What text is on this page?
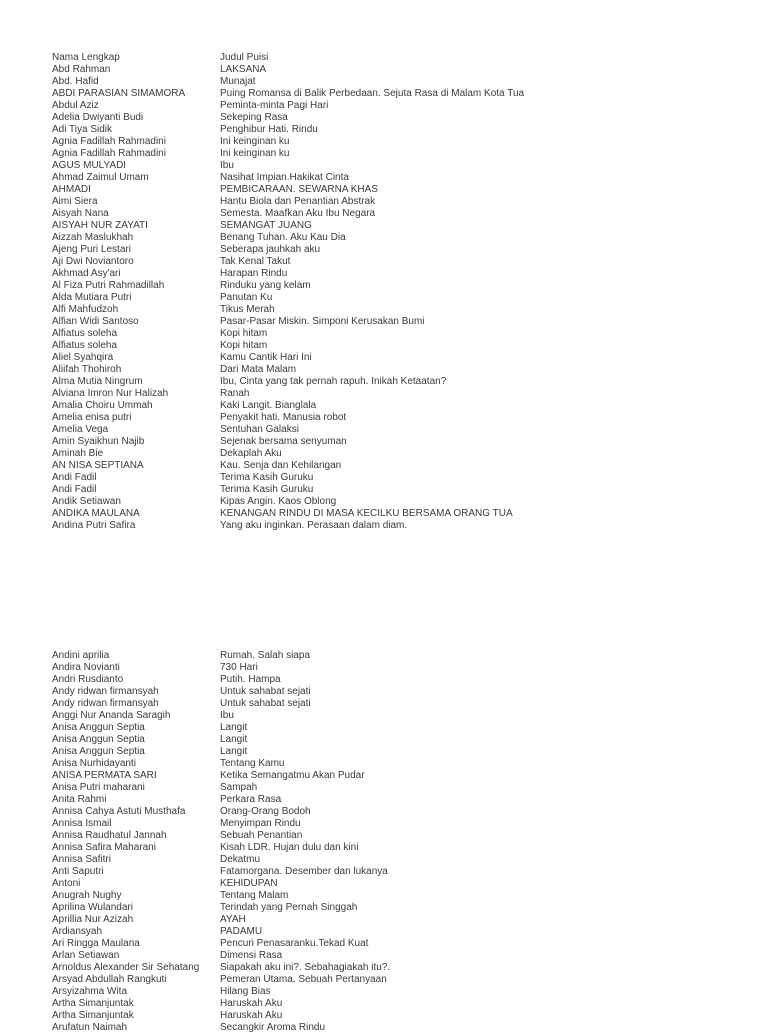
Nama Lengkap	Judul Puisi
Abd Rahman	LAKSANA
Abd. Hafid	Munajat
ABDI PARASIAN SIMAMORA	Puing Romansa di Balik Perbedaan. Sejuta Rasa di Malam Kota Tua
Abdul Aziz	Peminta-minta Pagi Hari
Adelia Dwiyanti Budi	Sekeping Rasa
Adi Tiya Sidik	Penghibur Hati. Rindu
Agnia Fadillah Rahmadini	Ini keinginan ku
Agnia Fadillah Rahmadini	Ini keinginan ku
AGUS MULYADI	Ibu
Ahmad Zaimul Umam	Nasihat Impian.Hakikat Cinta
AHMADI	PEMBICARAAN. SEWARNA KHAS
Aimi Siera	Hantu Biola dan Penantian Abstrak
Aisyah Nana	Semesta. Maafkan Aku Ibu Negara
AISYAH NUR ZAYATI	SEMANGAT JUANG
Aizzah Maslukhah	Benang Tuhan. Aku Kau Dia
Ajeng Puri Lestari	Seberapa jauhkah aku
Aji Dwi Noviantoro	Tak Kenal Takut
Akhmad Asy'ari	Harapan Rindu
Al Fiza Putri Rahmadillah	Rinduku yang kelam
Alda Mutiara Putri	Panutan Ku
Alfi Mahfudzoh	Tikus Merah
Alfian Widi Santoso	Pasar-Pasar Miskin. Simponi Kerusakan Bumi
Alfiatus soleha	Kopi hitam
Alfiatus soleha	Kopi hitam
Aliel Syahqira	Kamu Cantik Hari Ini
Aliifah Thohiroh	Dari Mata Malam
Alma Mutia Ningrum	Ibu, Cinta yang tak pernah rapuh. Inikah Ketaatan?
Alviana Imron Nur Halizah	Ranah
Amalia Choiru Ummah	Kaki Langit. Bianglala
Amelia enisa putri	Penyakit hati. Manusia robot
Amelia Vega	Sentuhan Galaksi
Amin Syaikhun Najib	Sejenak bersama senyuman
Aminah Bie	Dekaplah Aku
AN NISA SEPTIANA	Kau. Senja dan Kehilangan
Andi Fadil	Terima Kasih Guruku
Andi Fadil	Terima Kasih Guruku
Andik Setiawan	Kipas Angin. Kaos Oblong
ANDIKA MAULANA	KENANGAN RINDU DI MASA KECILKU BERSAMA ORANG TUA
Andina Putri Safira	Yang aku inginkan. Perasaan dalam diam.
Andini aprilia	Rumah. Salah siapa
Andira Novianti	730 Hari
Andri Rusdianto	Putih. Hampa
Andy ridwan firmansyah	Untuk sahabat sejati
Andy ridwan firmansyah	Untuk sahabat sejati
Anggi Nur Ananda Saragih	Ibu
Anisa Anggun Septia	Langit
Anisa Anggun Septia	Langit
Anisa Anggun Septia	Langit
Anisa Nurhidayanti	Tentang Kamu
ANISA PERMATA SARI	Ketika Semangatmu Akan Pudar
Anisa Putri maharani	Sampah
Anita Rahmi	Perkara Rasa
Annisa Cahya Astuti Musthafa	Orang-Orang Bodoh
Annisa Ismail	Menyimpan Rindu
Annisa Raudhatul Jannah	Sebuah Penantian
Annisa Safira Maharani	Kisah LDR. Hujan dulu dan kini
Annisa Safitri	Dekatmu
Anti Saputri	Fatamorgana. Desember dan lukanya
Antoni	KEHIDUPAN
Anugrah Nughy	Tentang Malam
Aprilina Wulandari	Terindah yang Pernah Singgah
Aprillia Nur Azizah	AYAH
Ardiansyah	PADAMU
Ari Ringga Maulana	Pencuri Penasaranku.Tekad Kuat
Arlan Setiawan	Dimensi Rasa
Arnoldus Alexander Sir Sehatang	Siapakah aku ini?. Sebahagiakah itu?.
Arsyad Abdullah Rangkuti	Pemeran Utama. Sebuah Pertanyaan
Arsyizahma Wita	Hilang Bias
Artha Simanjuntak	Haruskah Aku
Artha Simanjuntak	Haruskah Aku
Arufatun Naimah	Secangkir Aroma Rindu
